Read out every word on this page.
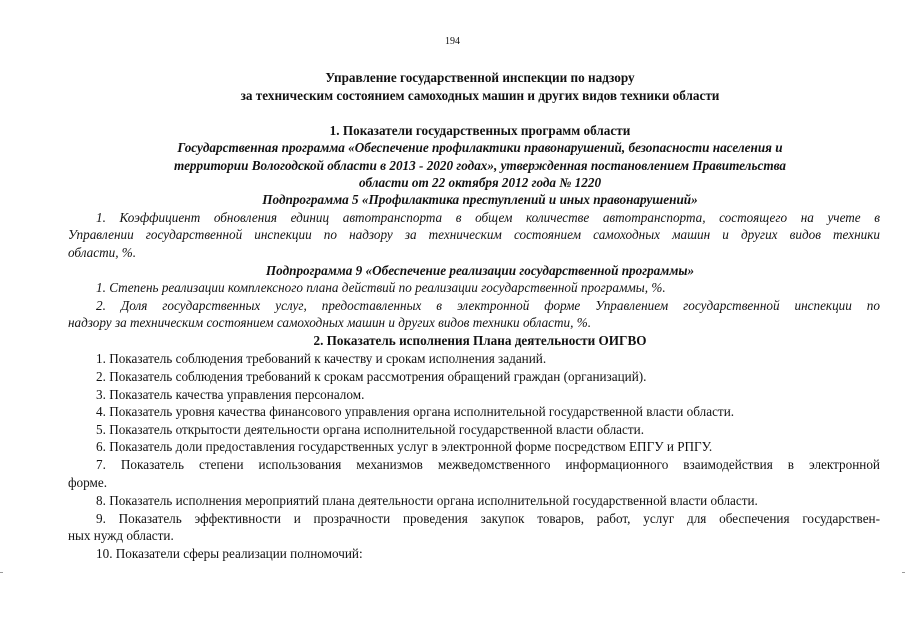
194
Управление государственной инспекции по надзору
за техническим состоянием самоходных машин и других видов техники области
1. Показатели государственных программ области
Государственная программа «Обеспечение профилактики правонарушений, безопасности населения и
территории Вологодской области в 2013 - 2020 годах», утвержденная постановлением Правительства
области от 22 октября 2012 года № 1220
Подпрограмма 5 «Профилактика преступлений и иных правонарушений»
1. Коэффициент обновления единиц автотранспорта в общем количестве автотранспорта, состоящего на учете в
Управлении государственной инспекции по надзору за техническим состоянием самоходных машин и других видов техники
области, %.
Подпрограмма 9 «Обеспечение реализации государственной программы»
1. Степень реализации комплексного плана действий по реализации государственной программы, %.
2. Доля государственных услуг, предоставленных в электронной форме Управлением государственной инспекции по
надзору за техническим состоянием самоходных машин и других видов техники области, %.
2. Показатель исполнения Плана деятельности ОИГВО
1. Показатель соблюдения требований к качеству и срокам исполнения заданий.
2. Показатель соблюдения требований к срокам рассмотрения обращений граждан (организаций).
3. Показатель качества управления персоналом.
4. Показатель уровня качества финансового управления органа исполнительной государственной власти области.
5. Показатель открытости деятельности органа исполнительной государственной власти области.
6. Показатель доли предоставления государственных услуг в электронной форме посредством ЕПГУ и РПГУ.
7. Показатель степени использования механизмов межведомственного информационного взаимодействия в электронной
форме.
8. Показатель исполнения мероприятий плана деятельности органа исполнительной государственной власти области.
9. Показатель эффективности и прозрачности проведения закупок товаров, работ, услуг для обеспечения государствен-
ных нужд области.
10. Показатели сферы реализации полномочий:
